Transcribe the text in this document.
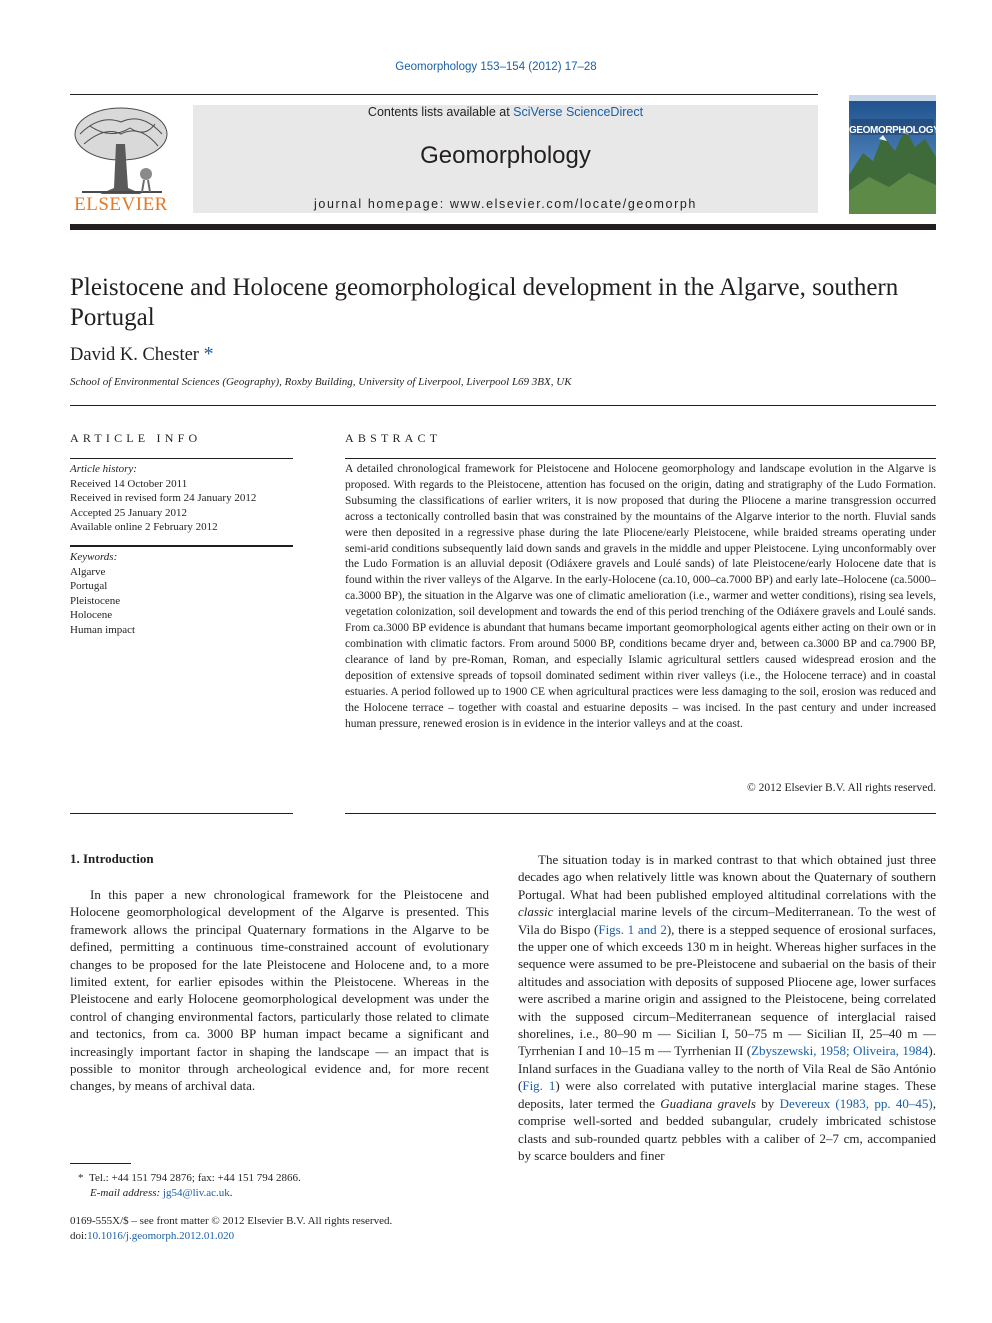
Geomorphology 153–154 (2012) 17–28
ELSEVIER
Contents lists available at SciVerse ScienceDirect
Geomorphology
journal homepage: www.elsevier.com/locate/geomorph
GEOMORPHOLOGY
Pleistocene and Holocene geomorphological development in the Algarve, southern Portugal
David K. Chester *
School of Environmental Sciences (Geography), Roxby Building, University of Liverpool, Liverpool L69 3BX, UK
ARTICLE INFO
Article history:
Received 14 October 2011
Received in revised form 24 January 2012
Accepted 25 January 2012
Available online 2 February 2012
Keywords:
Algarve
Portugal
Pleistocene
Holocene
Human impact
ABSTRACT
A detailed chronological framework for Pleistocene and Holocene geomorphology and landscape evolution in the Algarve is proposed. With regards to the Pleistocene, attention has focused on the origin, dating and stratigraphy of the Ludo Formation. Subsuming the classifications of earlier writers, it is now proposed that during the Pliocene a marine transgression occurred across a tectonically controlled basin that was constrained by the mountains of the Algarve interior to the north. Fluvial sands were then deposited in a regressive phase during the late Pliocene/early Pleistocene, while braided streams operating under semi-arid conditions subsequently laid down sands and gravels in the middle and upper Pleistocene. Lying unconformably over the Ludo Formation is an alluvial deposit (Odiáxere gravels and Loulé sands) of late Pleistocene/early Holocene date that is found within the river valleys of the Algarve. In the early-Holocene (ca.10, 000–ca.7000 BP) and early late–Holocene (ca.5000–ca.3000 BP), the situation in the Algarve was one of climatic amelioration (i.e., warmer and wetter conditions), rising sea levels, vegetation colonization, soil development and towards the end of this period trenching of the Odiáxere gravels and Loulé sands. From ca.3000 BP evidence is abundant that humans became important geomorphological agents either acting on their own or in combination with climatic factors. From around 5000 BP, conditions became dryer and, between ca.3000 BP and ca.7900 BP, clearance of land by pre-Roman, Roman, and especially Islamic agricultural settlers caused widespread erosion and the deposition of extensive spreads of topsoil dominated sediment within river valleys (i.e., the Holocene terrace) and in coastal estuaries. A period followed up to 1900 CE when agricultural practices were less damaging to the soil, erosion was reduced and the Holocene terrace – together with coastal and estuarine deposits – was incised. In the past century and under increased human pressure, renewed erosion is in evidence in the interior valleys and at the coast.
© 2012 Elsevier B.V. All rights reserved.
1. Introduction
In this paper a new chronological framework for the Pleistocene and Holocene geomorphological development of the Algarve is presented. This framework allows the principal Quaternary formations in the Algarve to be defined, permitting a continuous time-constrained account of evolutionary changes to be proposed for the late Pleistocene and Holocene and, to a more limited extent, for earlier episodes within the Pleistocene. Whereas in the Pleistocene and early Holocene geomorphological development was under the control of changing environmental factors, particularly those related to climate and tectonics, from ca. 3000 BP human impact became a significant and increasingly important factor in shaping the landscape — an impact that is possible to monitor through archeological evidence and, for more recent changes, by means of archival data.
The situation today is in marked contrast to that which obtained just three decades ago when relatively little was known about the Quaternary of southern Portugal. What had been published employed altitudinal correlations with the classic interglacial marine levels of the circum–Mediterranean. To the west of Vila do Bispo (Figs. 1 and 2), there is a stepped sequence of erosional surfaces, the upper one of which exceeds 130 m in height. Whereas higher surfaces in the sequence were assumed to be pre-Pleistocene and subaerial on the basis of their altitudes and association with deposits of supposed Pliocene age, lower surfaces were ascribed a marine origin and assigned to the Pleistocene, being correlated with the supposed circum–Mediterranean sequence of interglacial raised shorelines, i.e., 80–90 m — Sicilian I, 50–75 m — Sicilian II, 25–40 m — Tyrrhenian I and 10–15 m — Tyrrhenian II (Zbyszewski, 1958; Oliveira, 1984). Inland surfaces in the Guadiana valley to the north of Vila Real de São António (Fig. 1) were also correlated with putative interglacial marine stages. These deposits, later termed the Guadiana gravels by Devereux (1983, pp. 40–45), comprise well-sorted and bedded subangular, crudely imbricated schistose clasts and sub-rounded quartz pebbles with a caliber of 2–7 cm, accompanied by scarce boulders and finer
* Tel.: +44 151 794 2876; fax: +44 151 794 2866.
E-mail address: jg54@liv.ac.uk.
0169-555X/$ – see front matter © 2012 Elsevier B.V. All rights reserved.
doi:10.1016/j.geomorph.2012.01.020
